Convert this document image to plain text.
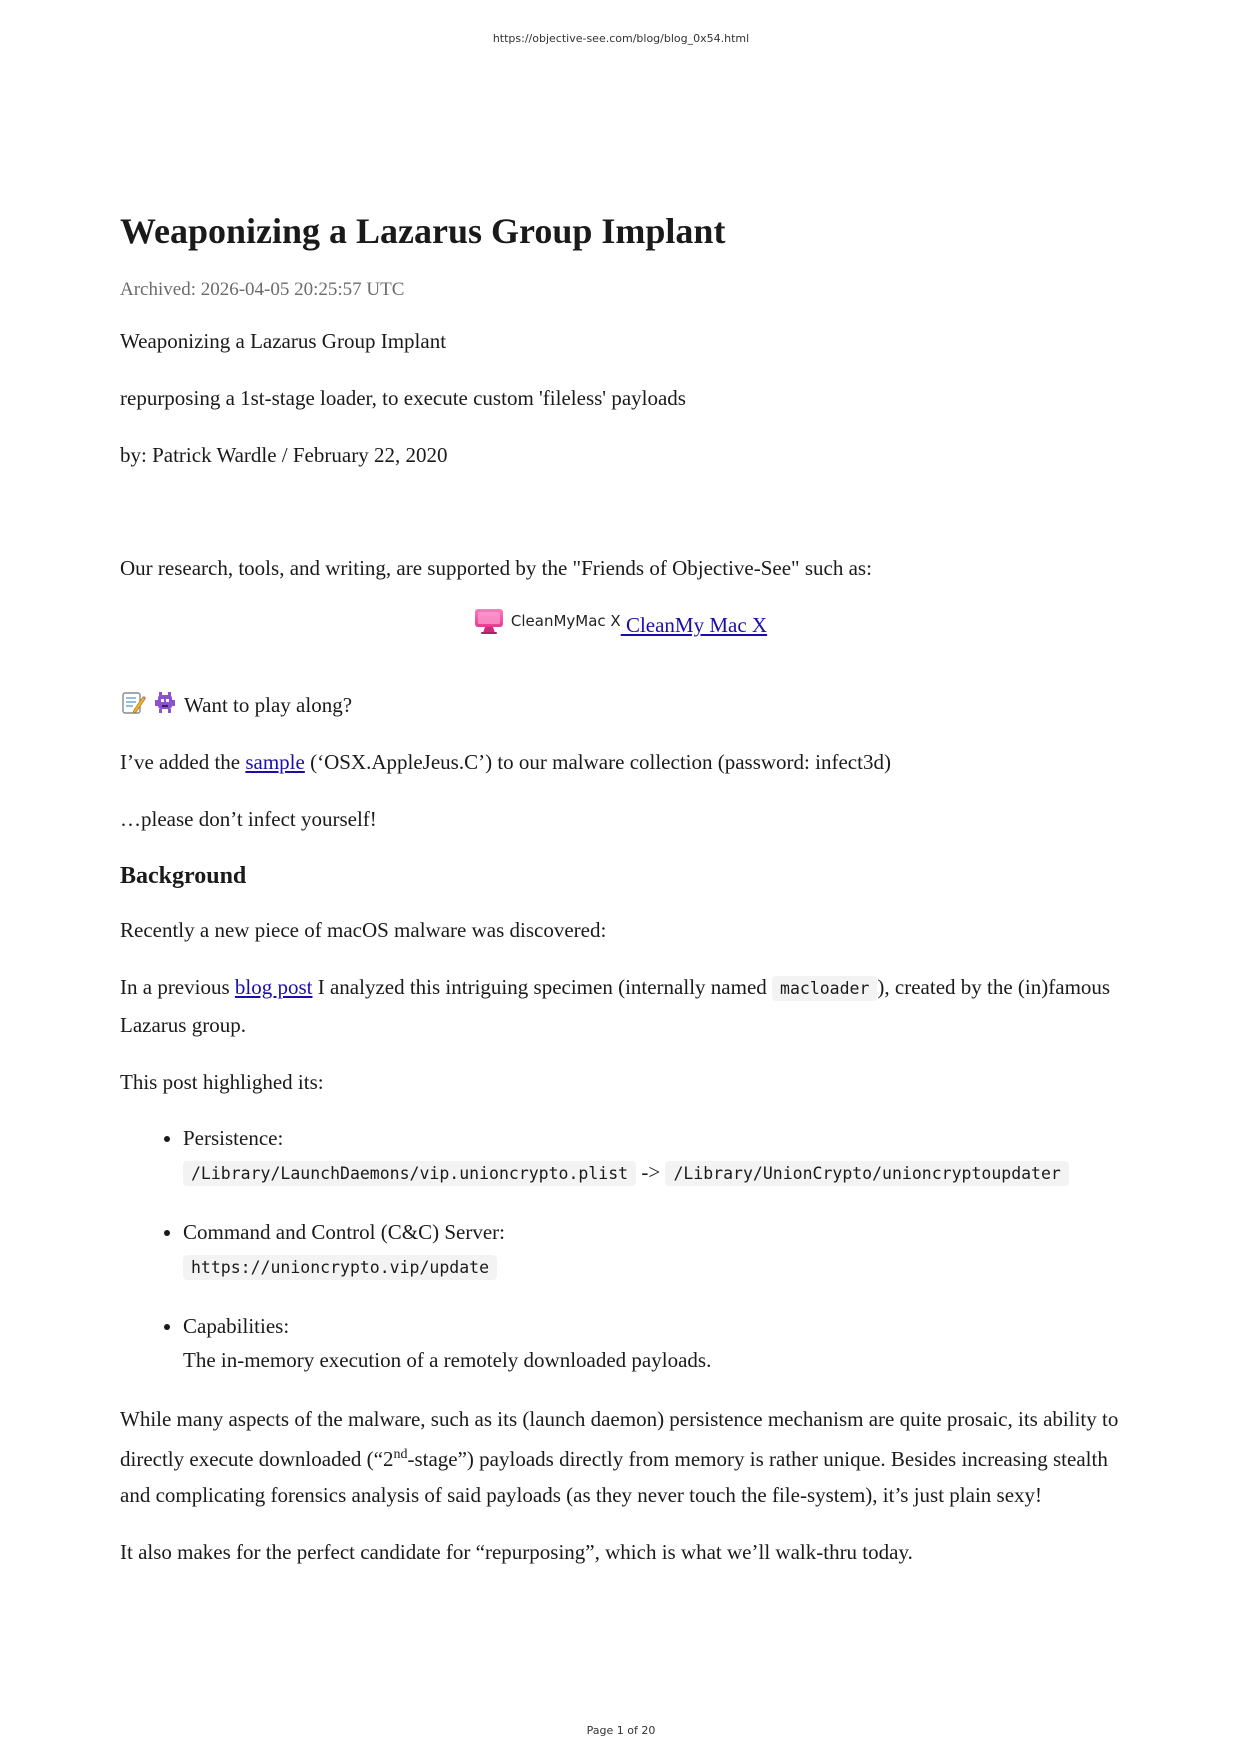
https://objective-see.com/blog/blog_0x54.html
Weaponizing a Lazarus Group Implant
Archived: 2026-04-05 20:25:57 UTC

Weaponizing a Lazarus Group Implant

repurposing a 1st-stage loader, to execute custom 'fileless' payloads

by: Patrick Wardle / February 22, 2020

Our research, tools, and writing, are supported by the "Friends of Objective-See" such as:

CleanMyMac X CleanMy Mac X

Want to play along?

I’ve added the sample (‘OSX.AppleJeus.C’) to our malware collection (password: infect3d)

…please don’t infect yourself!

Background

Recently a new piece of macOS malware was discovered:

In a previous blog post I analyzed this intriguing specimen (internally named macloader ), created by the (in)famous Lazarus group.

This post highlighed its:

• Persistence:
/Library/LaunchDaemons/vip.unioncrypto.plist -> /Library/UnionCrypto/unioncryptoupdater
• Command and Control (C&C) Server:
https://unioncrypto.vip/update
• Capabilities:
The in-memory execution of a remotely downloaded payloads.

While many aspects of the malware, such as its (launch daemon) persistence mechanism are quite prosaic, its ability to directly execute downloaded (“2nd-stage”) payloads directly from memory is rather unique. Besides increasing stealth and complicating forensics analysis of said payloads (as they never touch the file-system), it’s just plain sexy!

It also makes for the perfect candidate for “repurposing”, which is what we’ll walk-thru today.

Page 1 of 20
